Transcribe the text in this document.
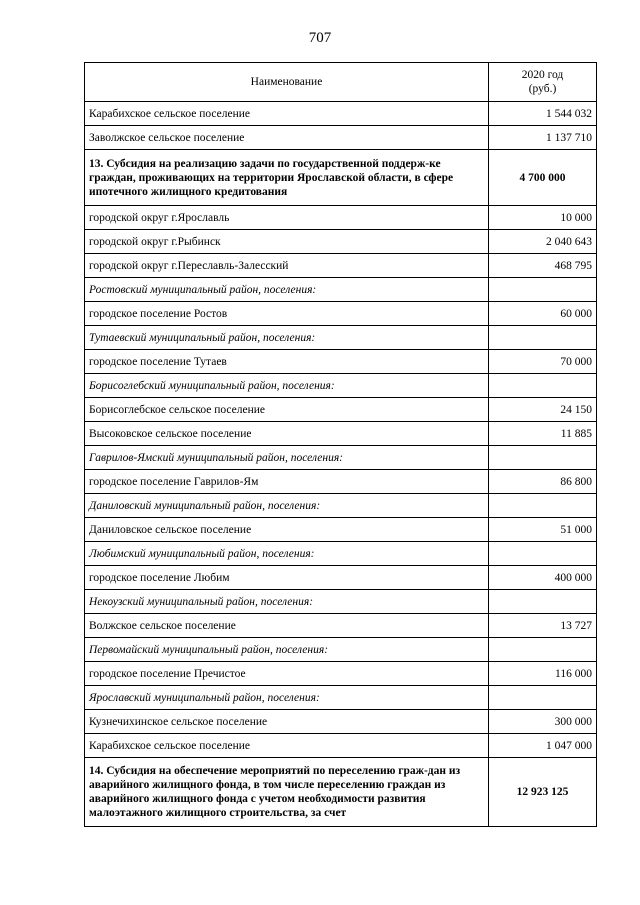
707
Наименование	2020 год
(руб.)
Карабихское сельское поселение	1 544 032
Заволжское сельское поселение	1 137 710
13. Субсидия на реализацию задачи по государственной поддерж-ке граждан, проживающих на территории Ярославской области, в сфере ипотечного жилищного кредитования	4 700 000
городской округ г.Ярославль	10 000
городской округ г.Рыбинск	2 040 643
городской округ г.Переславль-Залесский	468 795
Ростовский муниципальный район, поселения:	
городское поселение Ростов	60 000
Тутаевский муниципальный район, поселения:	
городское поселение Тутаев	70 000
Борисоглебский муниципальный район, поселения:	
Борисоглебское сельское поселение	24 150
Высоковское сельское поселение	11 885
Гаврилов-Ямский муниципальный район, поселения:	
городское поселение Гаврилов-Ям	86 800
Даниловский муниципальный район, поселения:	
Даниловское сельское поселение	51 000
Любимский муниципальный район, поселения:	
городское поселение Любим	400 000
Некоузский муниципальный район, поселения:	
Волжское сельское поселение	13 727
Первомайский муниципальный район, поселения:	
городское поселение Пречистое	116 000
Ярославский муниципальный район, поселения:	
Кузнечихинское сельское поселение	300 000
Карабихское сельское поселение	1 047 000
14. Субсидия на обеспечение мероприятий по переселению граж-дан из аварийного жилищного фонда, в том числе переселению граждан из аварийного жилищного фонда с учетом необходимости развития малоэтажного жилищного строительства, за счет	12 923 125
